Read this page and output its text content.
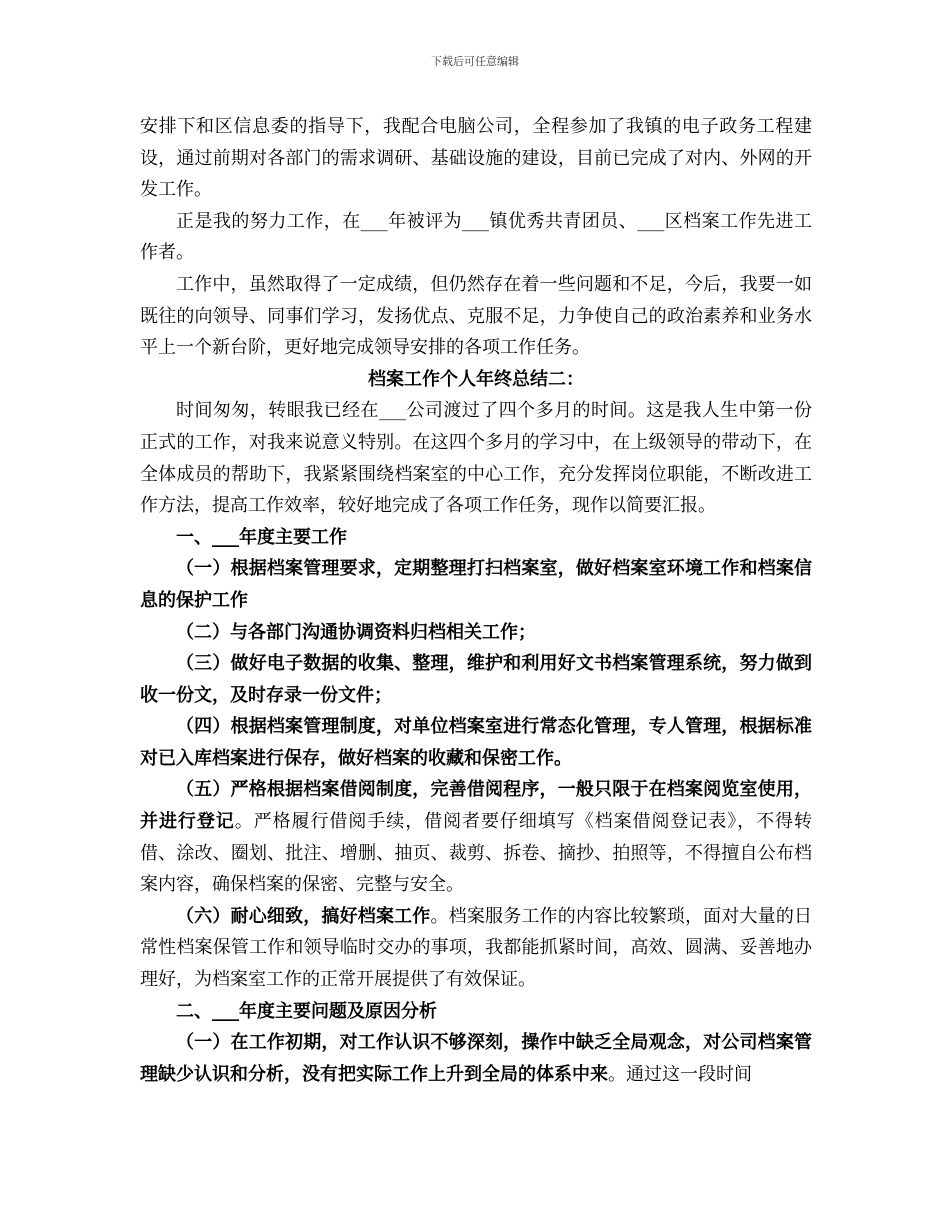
下载后可任意编辑

安排下和区信息委的指导下，我配合电脑公司，全程参加了我镇的电子政务工程建设，通过前期对各部门的需求调研、基础设施的建设，目前已完成了对内、外网的开发工作。

正是我的努力工作，在___年被评为___镇优秀共青团员、___区档案工作先进工作者。

工作中，虽然取得了一定成绩，但仍然存在着一些问题和不足，今后，我要一如既往的向领导、同事们学习，发扬优点、克服不足，力争使自己的政治素养和业务水平上一个新台阶，更好地完成领导安排的各项工作任务。

档案工作个人年终总结二：

时间匆匆，转眼我已经在___公司渡过了四个多月的时间。这是我人生中第一份正式的工作，对我来说意义特别。在这四个多月的学习中，在上级领导的带动下，在全体成员的帮助下，我紧紧围绕档案室的中心工作，充分发挥岗位职能，不断改进工作方法，提高工作效率，较好地完成了各项工作任务，现作以简要汇报。

一、___年度主要工作

（一）根据档案管理要求，定期整理打扫档案室，做好档案室环境工作和档案信息的保护工作

（二）与各部门沟通协调资料归档相关工作；

（三）做好电子数据的收集、整理，维护和利用好文书档案管理系统，努力做到收一份文，及时存录一份文件；

（四）根据档案管理制度，对单位档案室进行常态化管理，专人管理，根据标准对已入库档案进行保存，做好档案的收藏和保密工作。

（五）严格根据档案借阅制度，完善借阅程序，一般只限于在档案阅览室使用，并进行登记。严格履行借阅手续，借阅者要仔细填写《档案借阅登记表》，不得转借、涂改、圈划、批注、增删、抽页、裁剪、拆卷、摘抄、拍照等，不得擅自公布档案内容，确保档案的保密、完整与安全。

（六）耐心细致，搞好档案工作。档案服务工作的内容比较繁琐，面对大量的日常性档案保管工作和领导临时交办的事项，我都能抓紧时间，高效、圆满、妥善地办理好，为档案室工作的正常开展提供了有效保证。

二、___年度主要问题及原因分析

（一）在工作初期，对工作认识不够深刻，操作中缺乏全局观念，对公司档案管理缺少认识和分析，没有把实际工作上升到全局的体系中来。通过这一段时间
